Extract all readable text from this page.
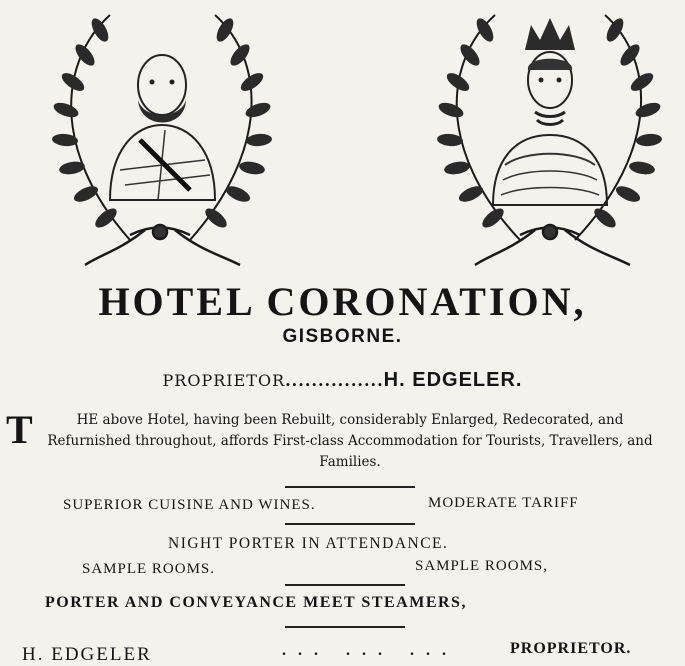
HOTEL CORONATION,
GISBORNE.
PROPRIETOR...............H. EDGELER.
T	HE above Hotel, having been Rebuilt, considerably Enlarged, Redecorated, and Refurnished throughout, affords First-class Accommodation for Tourists, Travellers, and Families.
SUPERIOR CUISINE AND WINES.	MODERATE TARIFF
NIGHT PORTER IN ATTENDANCE.
SAMPLE ROOMS.	SAMPLE ROOMS,
PORTER AND CONVEYANCE MEET STEAMERS,
H. EDGELER	... ... ...	PROPRIETOR.
